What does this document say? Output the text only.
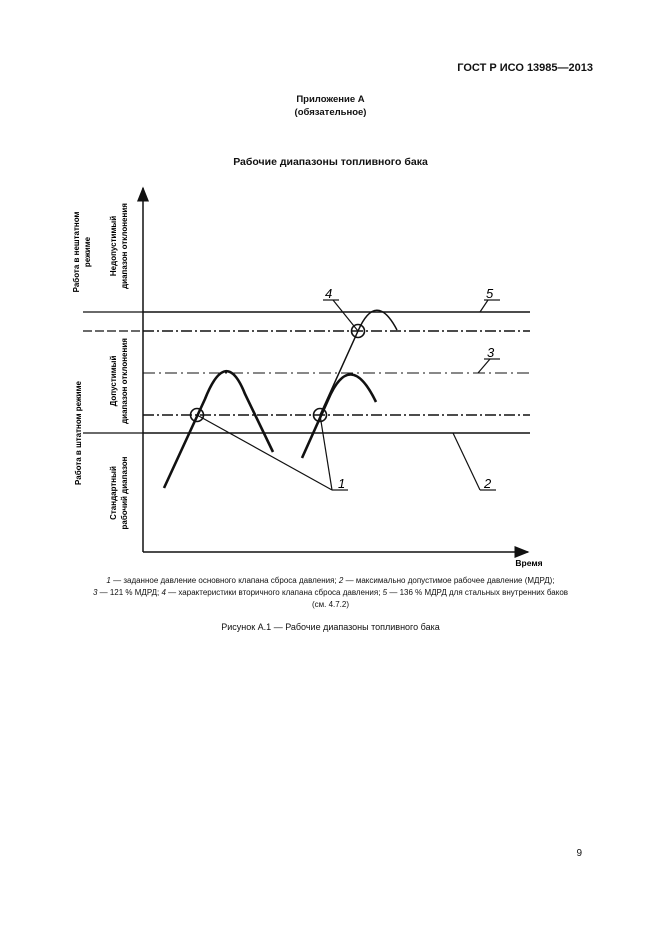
ГОСТ Р ИСО 13985—2013
Приложение А
(обязательное)
Рабочие диапазоны топливного бака
1	2
3
4	5
Время
Работа в нештатном режиме Недопустимый диапазон отклонения
Допустимый диапазон отклонения
Работа в штатном режиме
Стандартный рабочий диапазон
1 — заданное давление основного клапана сброса давления; 2 — максимально допустимое рабочее давление (МДРД);
3 — 121 % МДРД; 4 — характеристики вторичного клапана сброса давления; 5 — 136 % МДРД для стальных внутренних баков
(см. 4.7.2)
Рисунок А.1 — Рабочие диапазоны топливного бака
9
